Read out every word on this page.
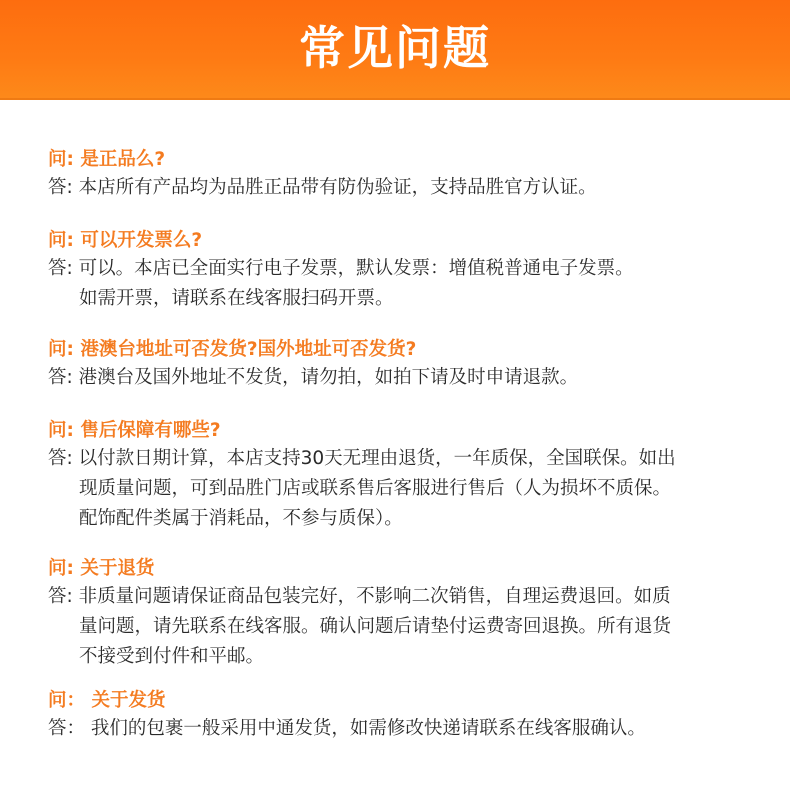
常见问题
问: 是正品么?
答: 本店所有产品均为品胜正品带有防伪验证，支持品胜官方认证。
问: 可以开发票么?
答: 可以。本店已全面实行电子发票，默认发票：增值税普通电子发票。
如需开票，请联系在线客服扫码开票。
问: 港澳台地址可否发货?国外地址可否发货?
答: 港澳台及国外地址不发货，请勿拍，如拍下请及时申请退款。
问: 售后保障有哪些?
答: 以付款日期计算，本店支持30天无理由退货，一年质保，全国联保。如出
现质量问题，可到品胜门店或联系售后客服进行售后（人为损坏不质保。
配饰配件类属于消耗品，不参与质保）。
问: 关于退货
答: 非质量问题请保证商品包装完好，不影响二次销售，自理运费退回。如质
量问题，请先联系在线客服。确认问题后请垫付运费寄回退换。所有退货
不接受到付件和平邮。
问： 关于发货
答： 我们的包裹一般采用中通发货，如需修改快递请联系在线客服确认。
